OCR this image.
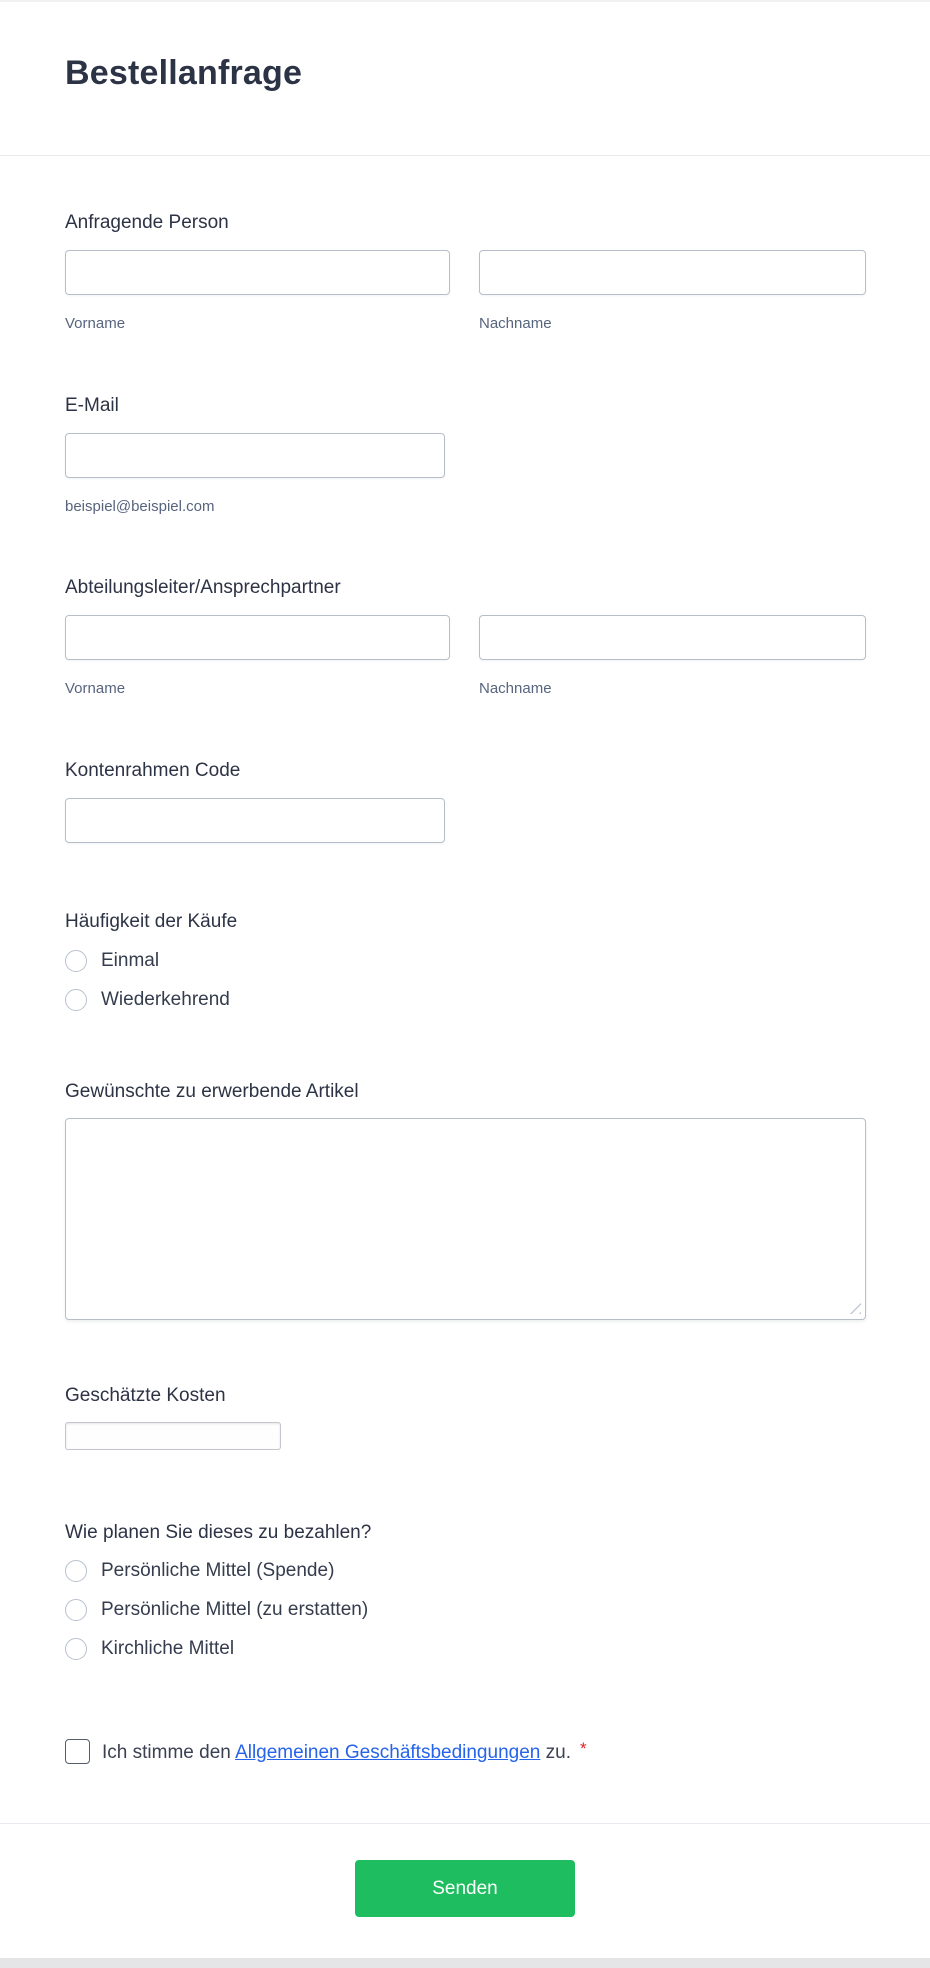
Bestellanfrage
Anfragende Person
Vorname	Nachname
E-Mail
beispiel@beispiel.com
Abteilungsleiter/Ansprechpartner
Vorname	Nachname
Kontenrahmen Code
Häufigkeit der Käufe
Einmal
Wiederkehrend
Gewünschte zu erwerbende Artikel
Geschätzte Kosten
Wie planen Sie dieses zu bezahlen?
Persönliche Mittel (Spende)
Persönliche Mittel (zu erstatten)
Kirchliche Mittel
Ich stimme den Allgemeinen Geschäftsbedingungen zu. *
Senden
